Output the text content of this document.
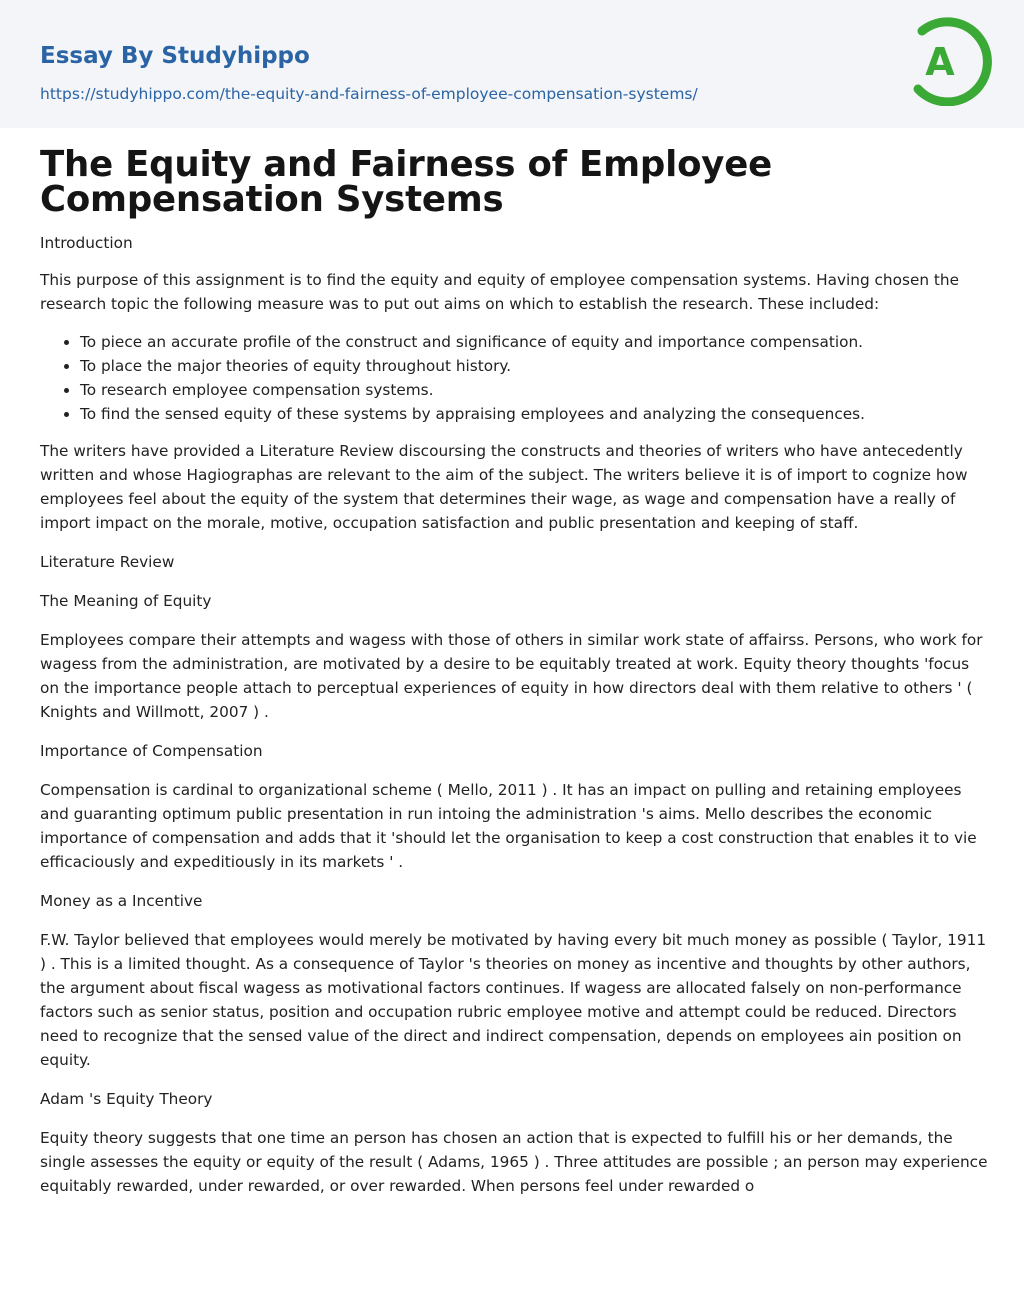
Essay By Studyhippo
https://studyhippo.com/the-equity-and-fairness-of-employee-compensation-systems/
A
The Equity and Fairness of Employee Compensation Systems

Introduction

This purpose of this assignment is to find the equity and equity of employee compensation systems. Having chosen the research topic the following measure was to put out aims on which to establish the research. These included:

• To piece an accurate profile of the construct and significance of equity and importance compensation.
• To place the major theories of equity throughout history.
• To research employee compensation systems.
• To find the sensed equity of these systems by appraising employees and analyzing the consequences.

The writers have provided a Literature Review discoursing the constructs and theories of writers who have antecedently written and whose Hagiographas are relevant to the aim of the subject. The writers believe it is of import to cognize how employees feel about the equity of the system that determines their wage, as wage and compensation have a really of import impact on the morale, motive, occupation satisfaction and public presentation and keeping of staff.

Literature Review

The Meaning of Equity

Employees compare their attempts and wagess with those of others in similar work state of affairss. Persons, who work for wagess from the administration, are motivated by a desire to be equitably treated at work. Equity theory thoughts 'focus on the importance people attach to perceptual experiences of equity in how directors deal with them relative to others ' ( Knights and Willmott, 2007 ) .

Importance of Compensation

Compensation is cardinal to organizational scheme ( Mello, 2011 ) . It has an impact on pulling and retaining employees and guaranting optimum public presentation in run intoing the administration 's aims. Mello describes the economic importance of compensation and adds that it 'should let the organisation to keep a cost construction that enables it to vie efficaciously and expeditiously in its markets ' .

Money as a Incentive

F.W. Taylor believed that employees would merely be motivated by having every bit much money as possible ( Taylor, 1911 ) . This is a limited thought. As a consequence of Taylor 's theories on money as incentive and thoughts by other authors, the argument about fiscal wagess as motivational factors continues. If wagess are allocated falsely on non-performance factors such as senior status, position and occupation rubric employee motive and attempt could be reduced. Directors need to recognize that the sensed value of the direct and indirect compensation, depends on employees ain position on equity.

Adam 's Equity Theory

Equity theory suggests that one time an person has chosen an action that is expected to fulfill his or her demands, the single assesses the equity or equity of the result ( Adams, 1965 ) . Three attitudes are possible ; an person may experience equitably rewarded, under rewarded, or over rewarded. When persons feel under rewarded o
